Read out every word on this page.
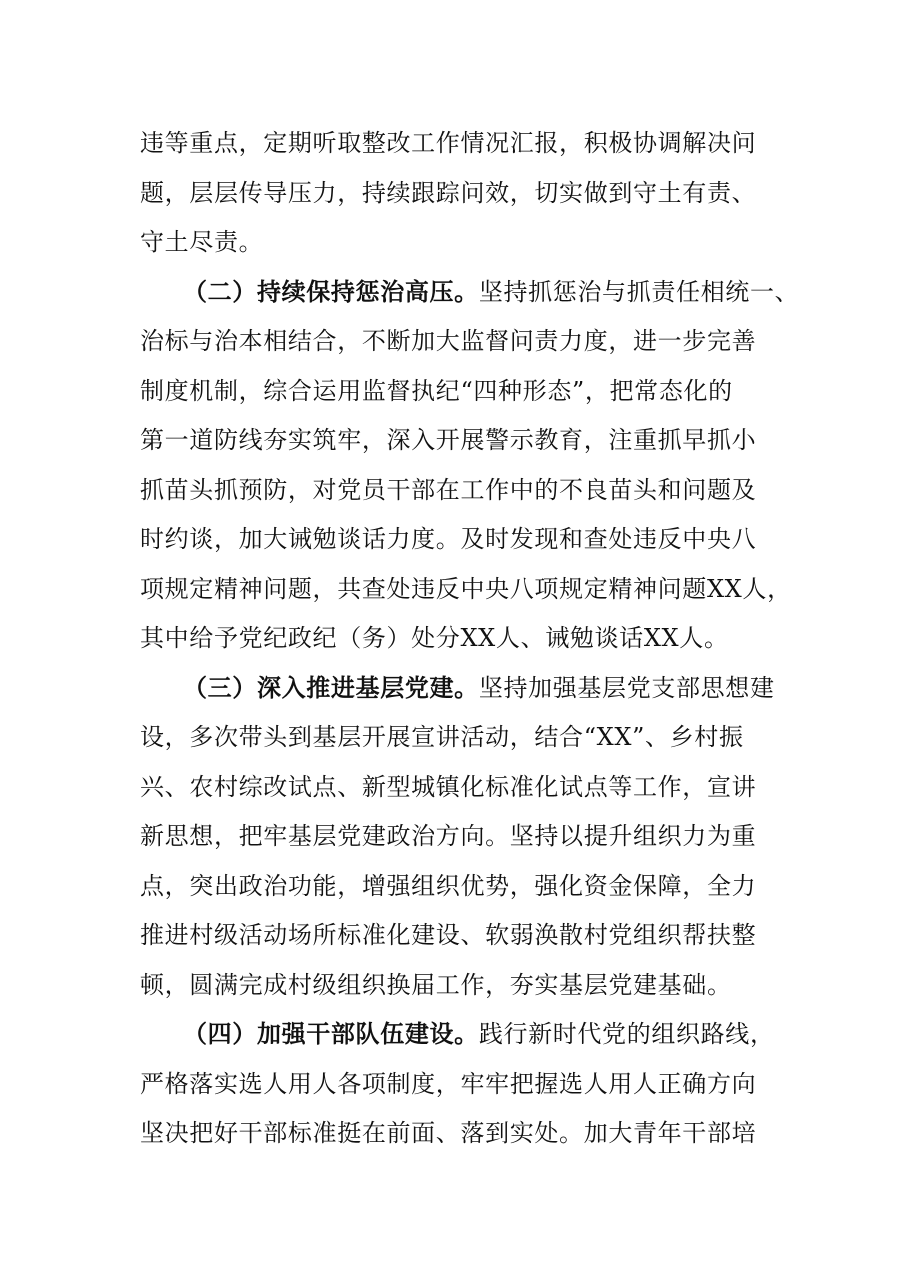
违等重点，定期听取整改工作情况汇报，积极协调解决问
题，层层传导压力，持续跟踪问效，切实做到守土有责、
守土尽责。
（二）持续保持惩治高压。坚持抓惩治与抓责任相统一、
治标与治本相结合，不断加大监督问责力度，进一步完善
制度机制，综合运用监督执纪“四种形态”，把常态化的
第一道防线夯实筑牢，深入开展警示教育，注重抓早抓小
抓苗头抓预防，对党员干部在工作中的不良苗头和问题及
时约谈，加大诫勉谈话力度。及时发现和查处违反中央八
项规定精神问题，共查处违反中央八项规定精神问题XX人，
其中给予党纪政纪（务）处分XX人、诫勉谈话XX人。
（三）深入推进基层党建。坚持加强基层党支部思想建
设，多次带头到基层开展宣讲活动，结合“XX”、乡村振
兴、农村综改试点、新型城镇化标准化试点等工作，宣讲
新思想，把牢基层党建政治方向。坚持以提升组织力为重
点，突出政治功能，增强组织优势，强化资金保障，全力
推进村级活动场所标准化建设、软弱涣散村党组织帮扶整
顿，圆满完成村级组织换届工作，夯实基层党建基础。
（四）加强干部队伍建设。践行新时代党的组织路线，
严格落实选人用人各项制度，牢牢把握选人用人正确方向
坚决把好干部标准挺在前面、落到实处。加大青年干部培
